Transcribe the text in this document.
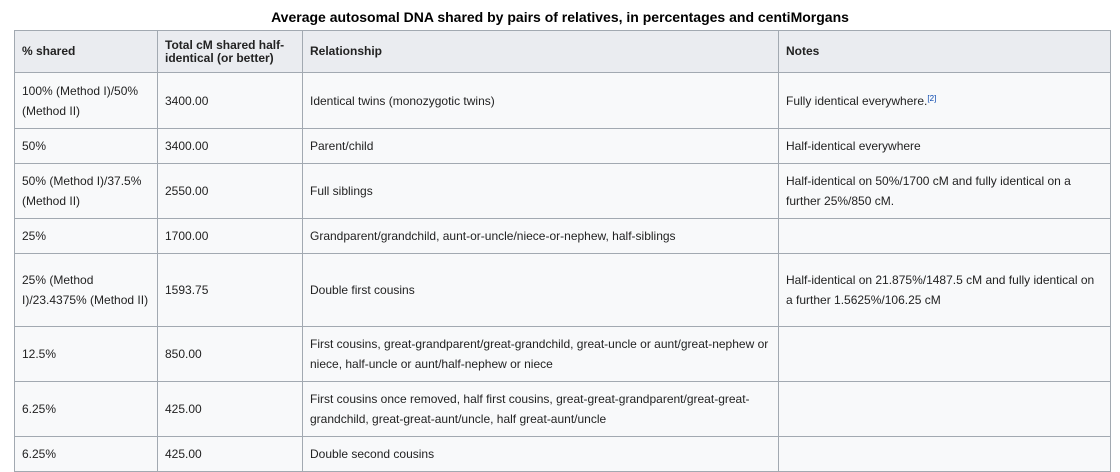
Average autosomal DNA shared by pairs of relatives, in percentages and centiMorgans
% shared	Total cM shared half-identical (or better)	Relationship	Notes
100% (Method I)/50% (Method II)	3400.00	Identical twins (monozygotic twins)	Fully identical everywhere.[2]
50%	3400.00	Parent/child	Half-identical everywhere
50% (Method I)/37.5% (Method II)	2550.00	Full siblings	Half-identical on 50%/1700 cM and fully identical on a further 25%/850 cM.
25%	1700.00	Grandparent/grandchild, aunt-or-uncle/niece-or-nephew, half-siblings	
25% (Method I)/23.4375% (Method II)	1593.75	Double first cousins	Half-identical on 21.875%/1487.5 cM and fully identical on a further 1.5625%/106.25 cM
12.5%	850.00	First cousins, great-grandparent/great-grandchild, great-uncle or aunt/great-nephew or niece, half-uncle or aunt/half-nephew or niece	
6.25%	425.00	First cousins once removed, half first cousins, great-great-grandparent/great-great-grandchild, great-great-aunt/uncle, half great-aunt/uncle	
6.25%	425.00	Double second cousins	
